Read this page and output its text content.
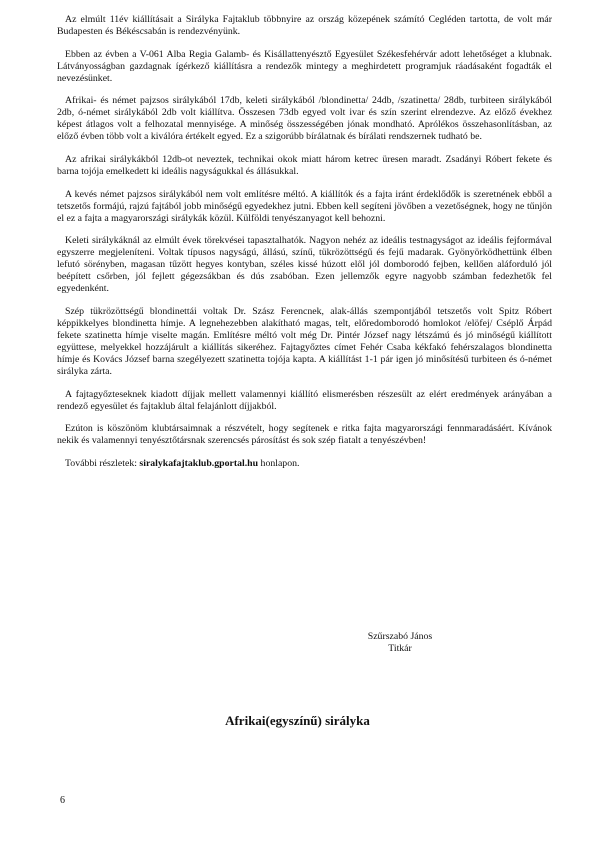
Az elmúlt 11év kiállításait a Sirályka Fajtaklub többnyire az ország közepének számító Cegléden tartotta, de volt már Budapesten és Békéscsabán is rendezvényünk.

Ebben az évben a V-061 Alba Regia Galamb- és Kisállattenyésztő Egyesület Székesfehérvár adott lehetőséget a klubnak. Látványosságban gazdagnak ígérkező kiállításra a rendezők mintegy a meghirdetett programjuk ráadásaként fogadták el nevezésünket.

Afrikai- és német pajzsos sirálykából 17db, keleti sirálykából /blondinetta/ 24db, /szatinetta/ 28db, turbiteen sirálykából 2db, ó-német sirálykából 2db volt kiállítva. Összesen 73db egyed volt ivar és szín szerint elrendezve. Az előző évekhez képest átlagos volt a felhozatal mennyisége. A minőség összességében jónak mondható. Aprólékos összehasonlításban, az előző évben több volt a kiválóra értékelt egyed. Ez a szigorúbb bírálatnak és bírálati rendszernek tudható be.

Az afrikai sirálykákból 12db-ot neveztek, technikai okok miatt három ketrec üresen maradt. Zsadányi Róbert fekete és barna tojója emelkedett ki ideális nagyságukkal és állásukkal.

A kevés német pajzsos sirálykából nem volt említésre méltó. A kiállítók és a fajta iránt érdeklődők is szeretnének ebből a tetszetős formájú, rajzú fajtából jobb minőségű egyedekhez jutni. Ebben kell segíteni jövőben a vezetőségnek, hogy ne tűnjön el ez a fajta a magyarországi sirálykák közül. Külföldi tenyészanyagot kell behozni.

Keleti sirálykáknál az elmúlt évek törekvései tapasztalhatók. Nagyon nehéz az ideális testnagyságot az ideális fejformával egyszerre megjeleníteni. Voltak típusos nagyságú, állású, színű, tükrözöttségű és fejű madarak. Gyönyörködhettünk élben lefutó sörényben, magasan tűzött hegyes kontyban, széles kissé húzott elől jól domborodó fejben, kellően aláforduló jól beépített csőrben, jól fejlett gégezsákban és dús zsabóban. Ezen jellemzők egyre nagyobb számban fedezhetők fel egyedenként.

Szép tükrözöttségű blondinettái voltak Dr. Szász Ferencnek, alak-állás szempontjából tetszetős volt Spitz Róbert képpikkelyes blondinetta hímje. A legnehezebben alakítható magas, telt, előredomborodó homlokot /elöfej/ Cséplő Árpád fekete szatinetta hímje viselte magán. Említésre méltó volt még Dr. Pintér József nagy létszámú és jó minőségű kiállított együttese, melyekkel hozzájárult a kiállítás sikeréhez. Fajtagyőztes címet Fehér Csaba kékfakó fehérszalagos blondinetta hímje és Kovács József barna szegélyezett szatinetta tojója kapta. A kiállítást 1-1 pár igen jó minősítésű turbiteen és ó-német sirályka zárta.

A fajtagyőzteseknek kiadott díjjak mellett valamennyi kiállító elismerésben részesült az elért eredmények arányában a rendező egyesület és fajtaklub által felajánlott díjjakból.

Ezúton is köszönöm klubtársaimnak a részvételt, hogy segítenek e ritka fajta magyarországi fennmaradásáért. Kívánok nekik és valamennyi tenyésztőtársnak szerencsés párosítást és sok szép fiatalt a tenyészévben!

További részletek: siralykafajtaklub.gportal.hu honlapon.

Szűrszabó János
Titkár
Afrikai(egyszínű) sirályka
6
